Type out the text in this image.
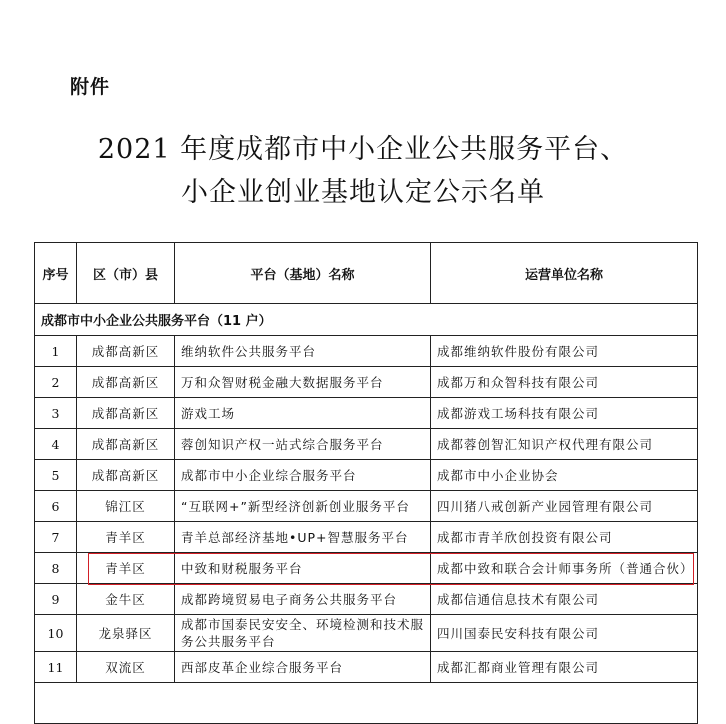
附件
2021 年度成都市中小企业公共服务平台、
小企业创业基地认定公示名单
序号	区（市）县	平台（基地）名称	运营单位名称
成都市中小企业公共服务平台（11 户）			
1	成都高新区	维纳软件公共服务平台	成都维纳软件股份有限公司
2	成都高新区	万和众智财税金融大数据服务平台	成都万和众智科技有限公司
3	成都高新区	游戏工场	成都游戏工场科技有限公司
4	成都高新区	蓉创知识产权一站式综合服务平台	成都蓉创智汇知识产权代理有限公司
5	成都高新区	成都市中小企业综合服务平台	成都市中小企业协会
6	锦江区	“互联网+”新型经济创新创业服务平台	四川猪八戒创新产业园管理有限公司
7	青羊区	青羊总部经济基地•UP+智慧服务平台	成都市青羊欣创投资有限公司
8	青羊区	中致和财税服务平台	成都中致和联合会计师事务所（普通合伙）
9	金牛区	成都跨境贸易电子商务公共服务平台	成都信通信息技术有限公司
10	龙泉驿区	成都市国泰民安安全、环境检测和技术服务公共服务平台	四川国泰民安科技有限公司
11	双流区	西部皮革企业综合服务平台	成都汇都商业管理有限公司
